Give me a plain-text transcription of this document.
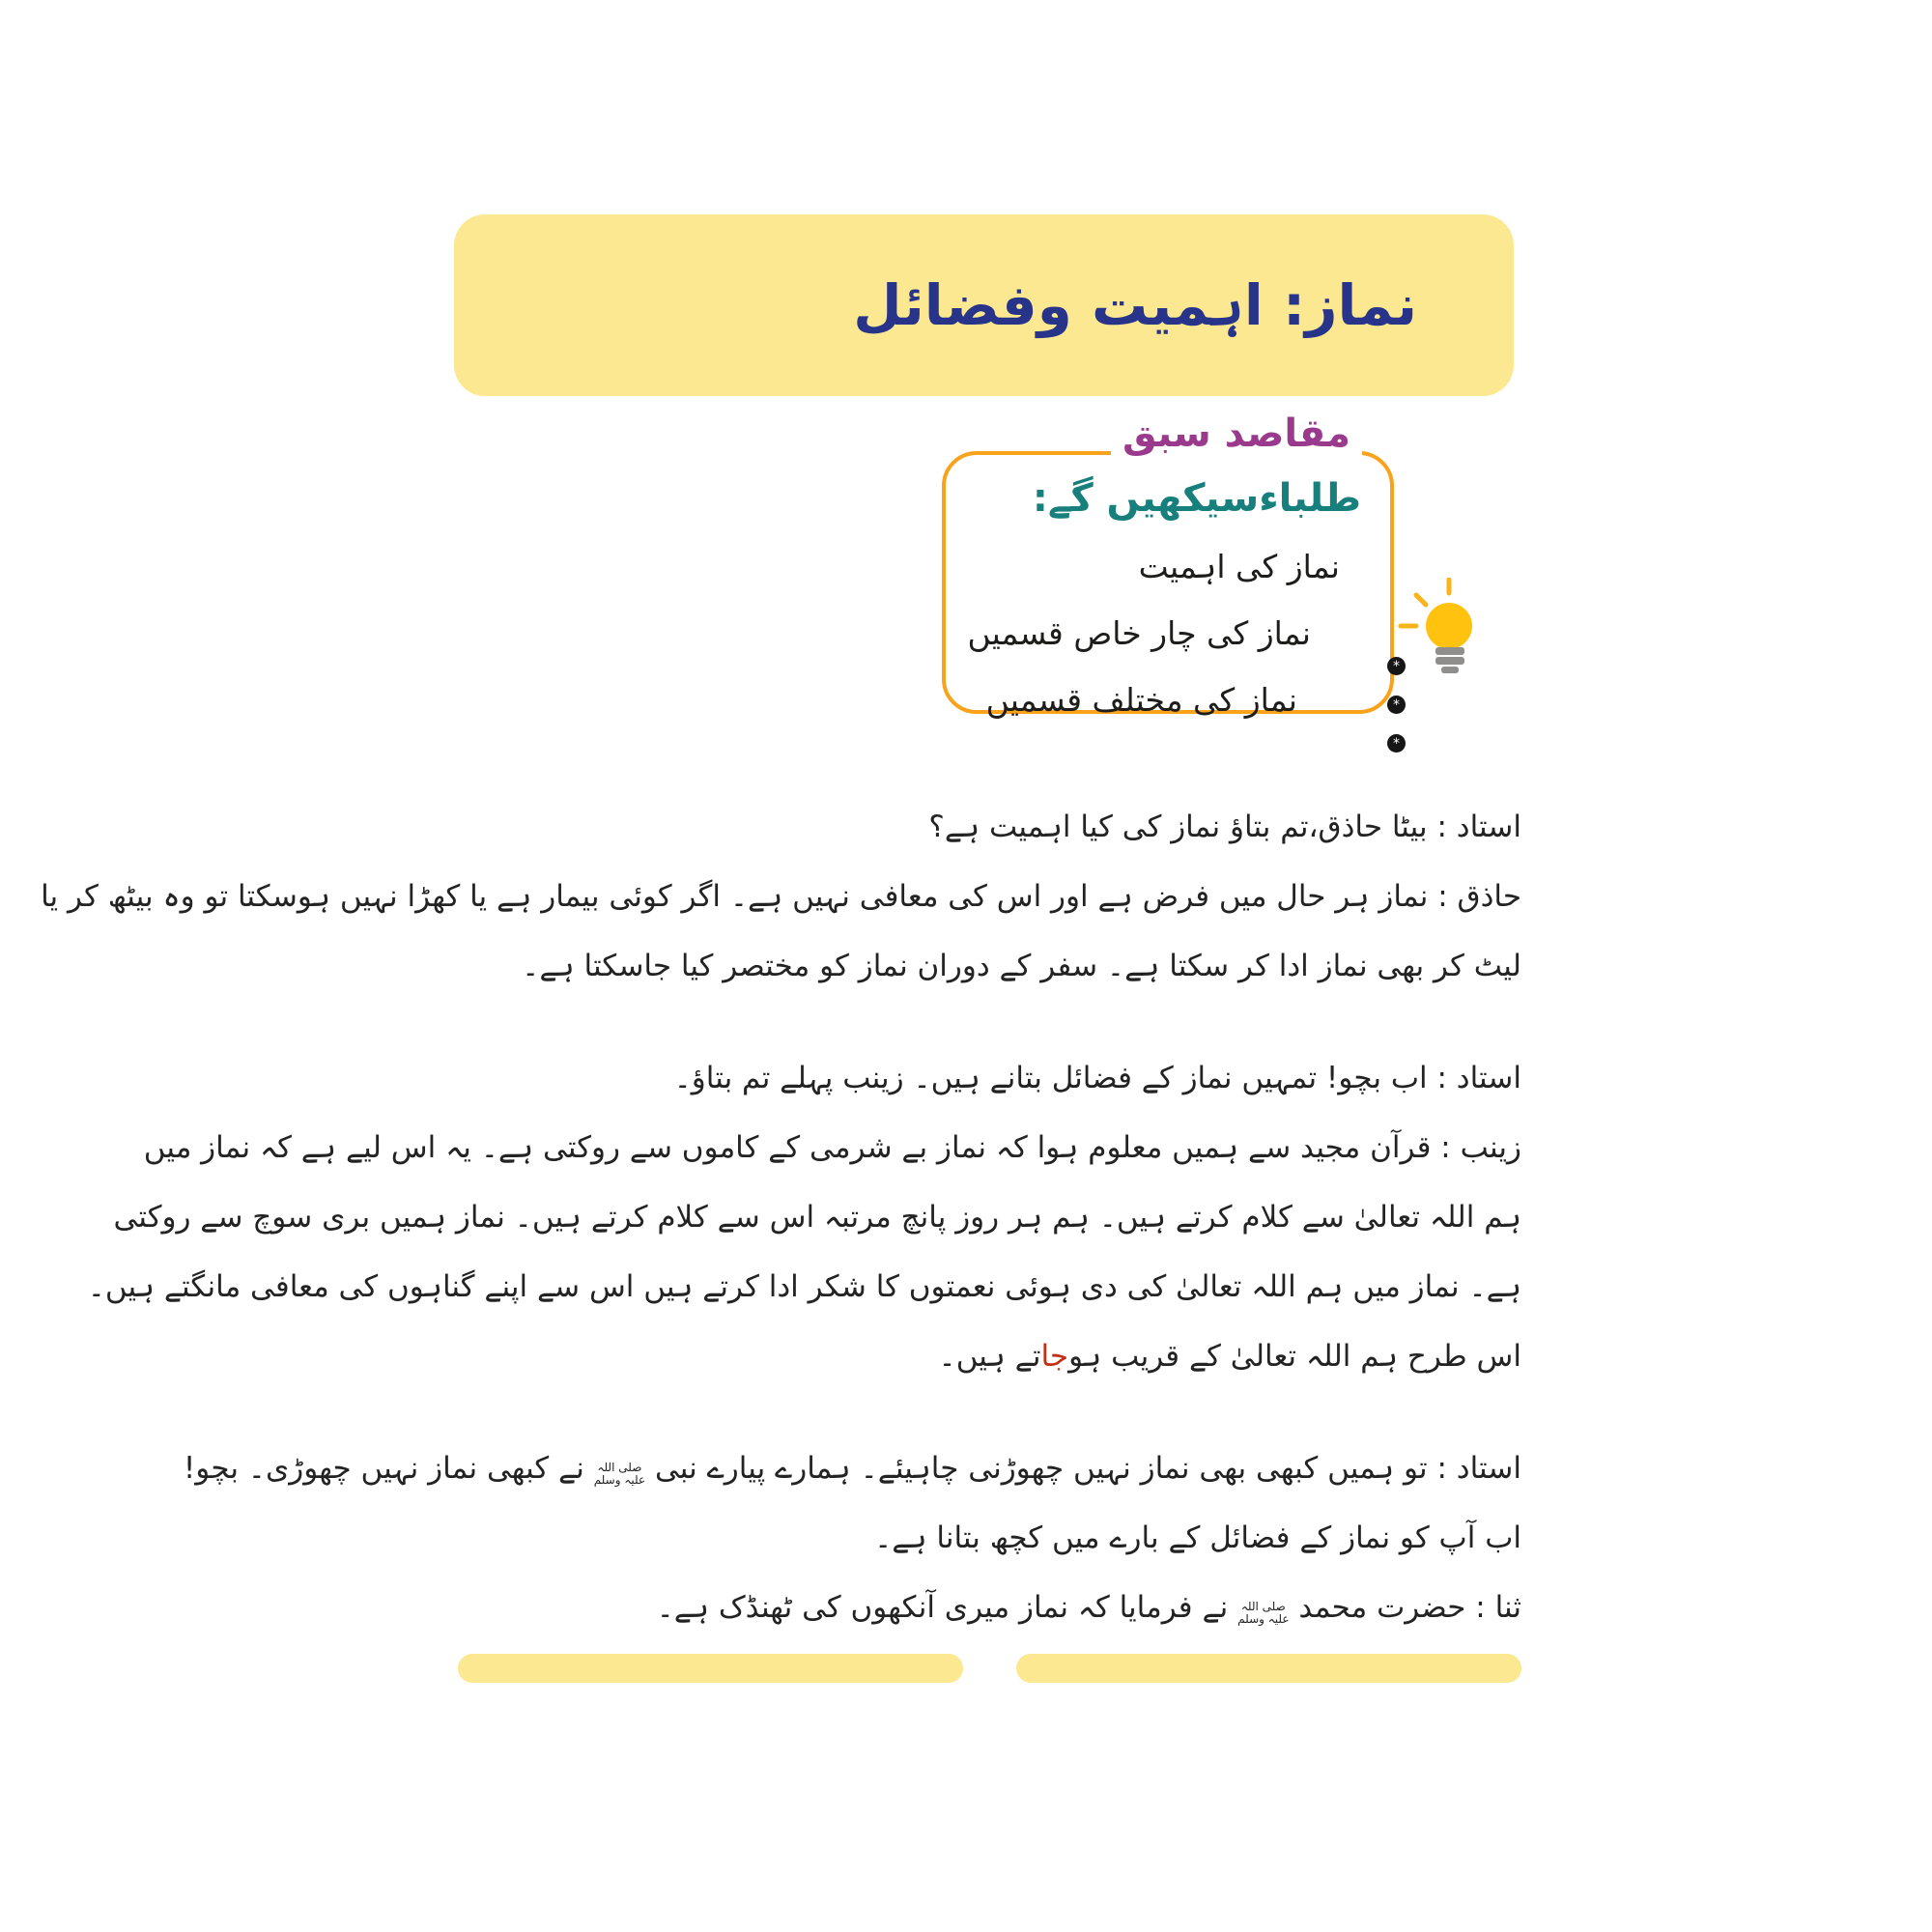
نماز: اہمیت وفضائل
مقاصد سبق
طلباءسیکھیں گے:
نماز کی اہمیت
نماز کی چار خاص قسمیں
نماز کی مختلف قسمیں
*
*
*
استاد : بیٹا حاذق،تم بتاؤ نماز کی کیا اہمیت ہے؟
حاذق : نماز ہر حال میں فرض ہے اور اس کی معافی نہیں ہے۔ اگر کوئی بیمار ہے یا کھڑا نہیں ہوسکتا تو وہ بیٹھ کر یا
لیٹ کر بھی نماز ادا کر سکتا ہے۔ سفر کے دوران نماز کو مختصر کیا جاسکتا ہے۔
استاد : اب بچو! تمہیں نماز کے فضائل بتانے ہیں۔ زینب پہلے تم بتاؤ۔
زینب : قرآن مجید سے ہمیں معلوم ہوا کہ نماز بے شرمی کے کاموں سے روکتی ہے۔ یہ اس لیے ہے کہ نماز میں
ہم اللہ تعالیٰ سے کلام کرتے ہیں۔ ہم ہر روز پانچ مرتبہ اس سے کلام کرتے ہیں۔ نماز ہمیں بری سوچ سے روکتی
ہے۔ نماز میں ہم اللہ تعالیٰ کی دی ہوئی نعمتوں کا شکر ادا کرتے ہیں اس سے اپنے گناہوں کی معافی مانگتے ہیں۔
اس طرح ہم اللہ تعالیٰ کے قریب ہوجاتے ہیں۔
استاد : تو ہمیں کبھی بھی نماز نہیں چھوڑنی چاہیئے۔ ہمارے پیارے نبی
صلی اللہ
علیہ وسلم
نے کبھی نماز نہیں چھوڑی۔ بچو!
اب آپ کو نماز کے فضائل کے بارے میں کچھ بتانا ہے۔
ثنا : حضرت محمد
صلی اللہ
علیہ وسلم
نے فرمایا کہ نماز میری آنکھوں کی ٹھنڈک ہے۔
